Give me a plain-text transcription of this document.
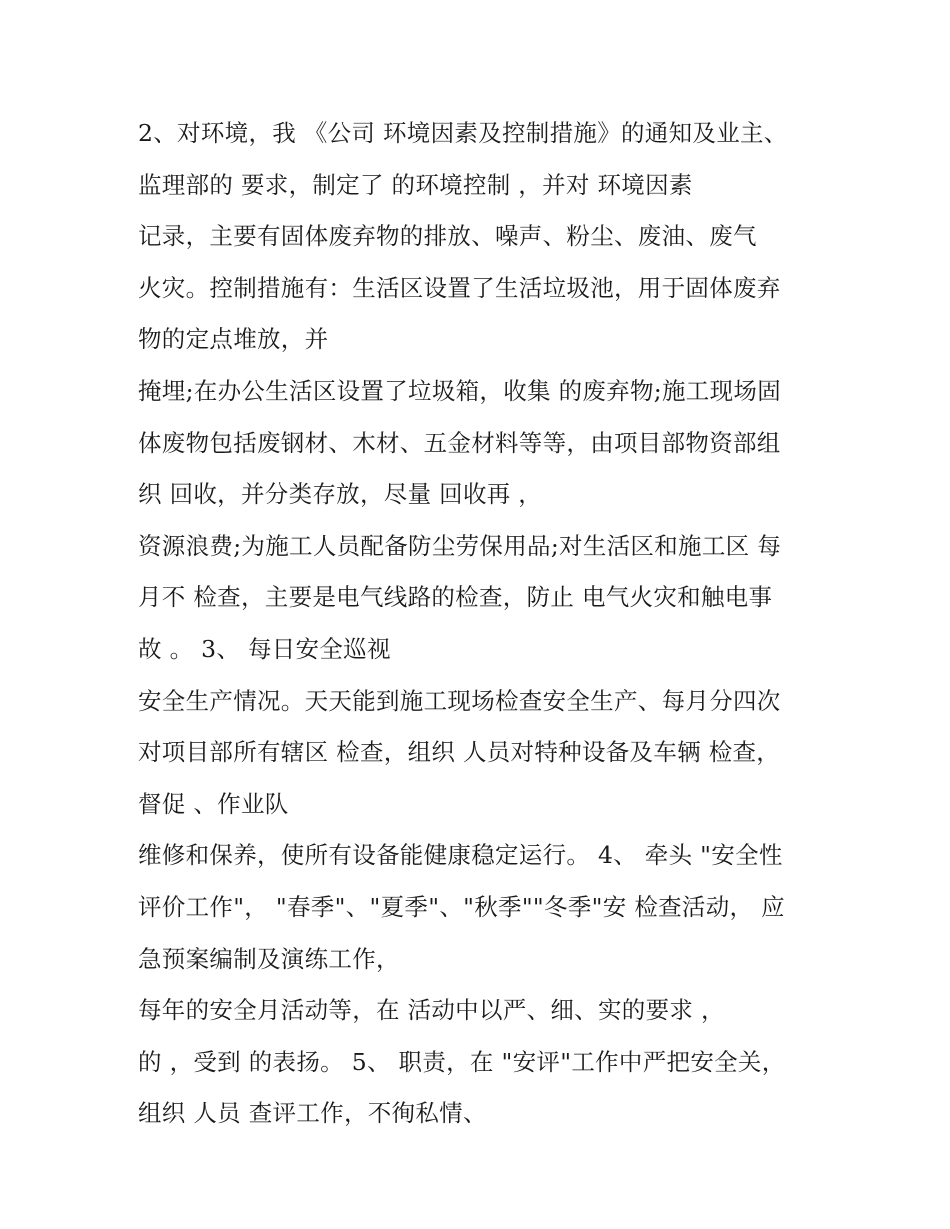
2、对环境，我 《公司 环境因素及控制措施》的通知及业主、
监理部的 要求，制定了 的环境控制 ，并对 环境因素
记录，主要有固体废弃物的排放、噪声、粉尘、废油、废气
火灾。控制措施有：生活区设置了生活垃圾池，用于固体废弃
物的定点堆放，并
掩埋;在办公生活区设置了垃圾箱，收集 的废弃物;施工现场固
体废物包括废钢材、木材、五金材料等等，由项目部物资部组
织 回收，并分类存放，尽量 回收再 ，
资源浪费;为施工人员配备防尘劳保用品;对生活区和施工区 每
月不 检查，主要是电气线路的检查，防止 电气火灾和触电事
故 。 3、 每日安全巡视
安全生产情况。天天能到施工现场检查安全生产、每月分四次
对项目部所有辖区 检查，组织 人员对特种设备及车辆 检查，
督促 、作业队
维修和保养，使所有设备能健康稳定运行。 4、 牵头 "安全性
评价工作"， "春季"、"夏季"、"秋季""冬季"安 检查活动， 应
急预案编制及演练工作，
每年的安全月活动等，在 活动中以严、细、实的要求 ，
的 ，受到 的表扬。 5、 职责，在 "安评"工作中严把安全关，
组织 人员 查评工作，不徇私情、
